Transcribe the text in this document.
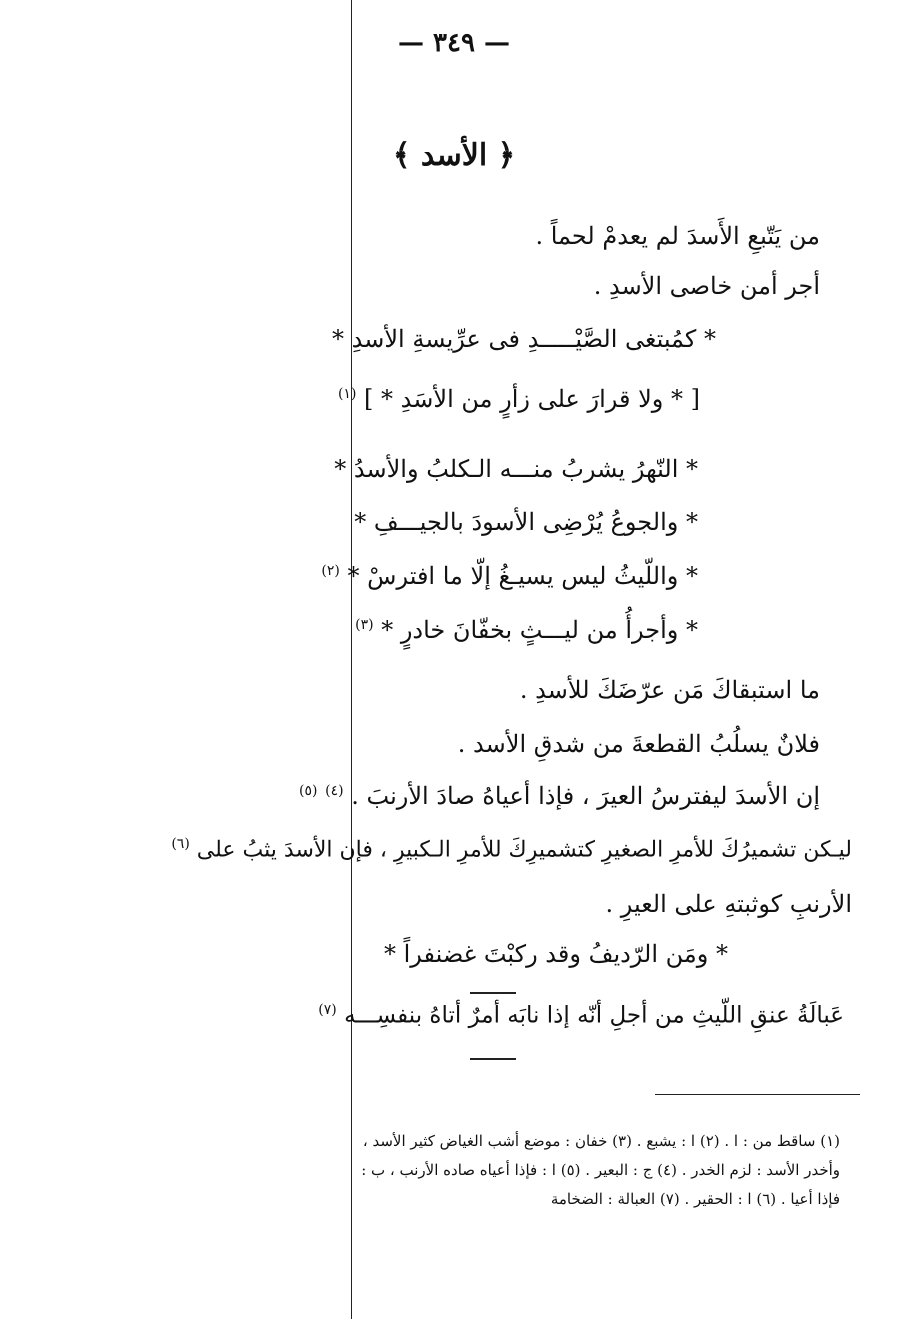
— ٣٤٩ —
﴿ الأسد ﴾
من يَتّبعِ الأَسدَ لم يعدمْ لحماً .
أجر أمن خاصى الأسدِ .
* كمُبتغى الصَّيْـــــدِ فى عرِّيسةِ الأسدِ *
[ * ولا قرارَ على زأرٍ من الأسَدِ * ] $^{(١)}$
* النّهرُ يشربُ منـــه الـكلبُ والأسدُ *
* والجوعُ يُرْضِى الأسودَ بالجيـــفِ *
* واللّيثُ ليس يسيـغُ إلّا ما افترسْ * $^{(٢)}$
* وأجرأُ من ليـــثٍ بخفّانَ خادرٍ * $^{(٣)}$
ما استبقاكَ مَن عرّضَكَ للأسدِ .
فلانٌ يسلُبُ القطعةَ من شدقِ الأسد .
إن الأسدَ ليفترسُ العيرَ ، فإذا أعياهُ صادَ الأرنبَ . $^{(٤)}$ $^{(٥)}$
ليـكن تشميرُكَ للأمرِ الصغيرِ كتشميرِكَ للأمرِ الـكبيرِ ، فإن الأسدَ يثبُ على $^{(٦)}$
الأرنبِ كوثبتهِ على العيرِ .
* ومَن الرّديفُ وقد ركبْتَ غضنفراً *
عَبالَةُ عنقِ اللّيثِ من أجلِ أنّه إذا نابَه أمرٌ أتاهُ بنفسِـــه $^{(٧)}$
(١) ساقط من : ا . (٢) ا : يشبع . (٣) خفان : موضع أشب الغياض كثير الأسد ،
وأخدر الأسد : لزم الخدر . (٤) ج : البعير . (٥) ا : فإذا أعياه صاده الأرنب ، ب :
فإذا أعيا . (٦) ا : الحقير . (٧) العبالة : الضخامة
